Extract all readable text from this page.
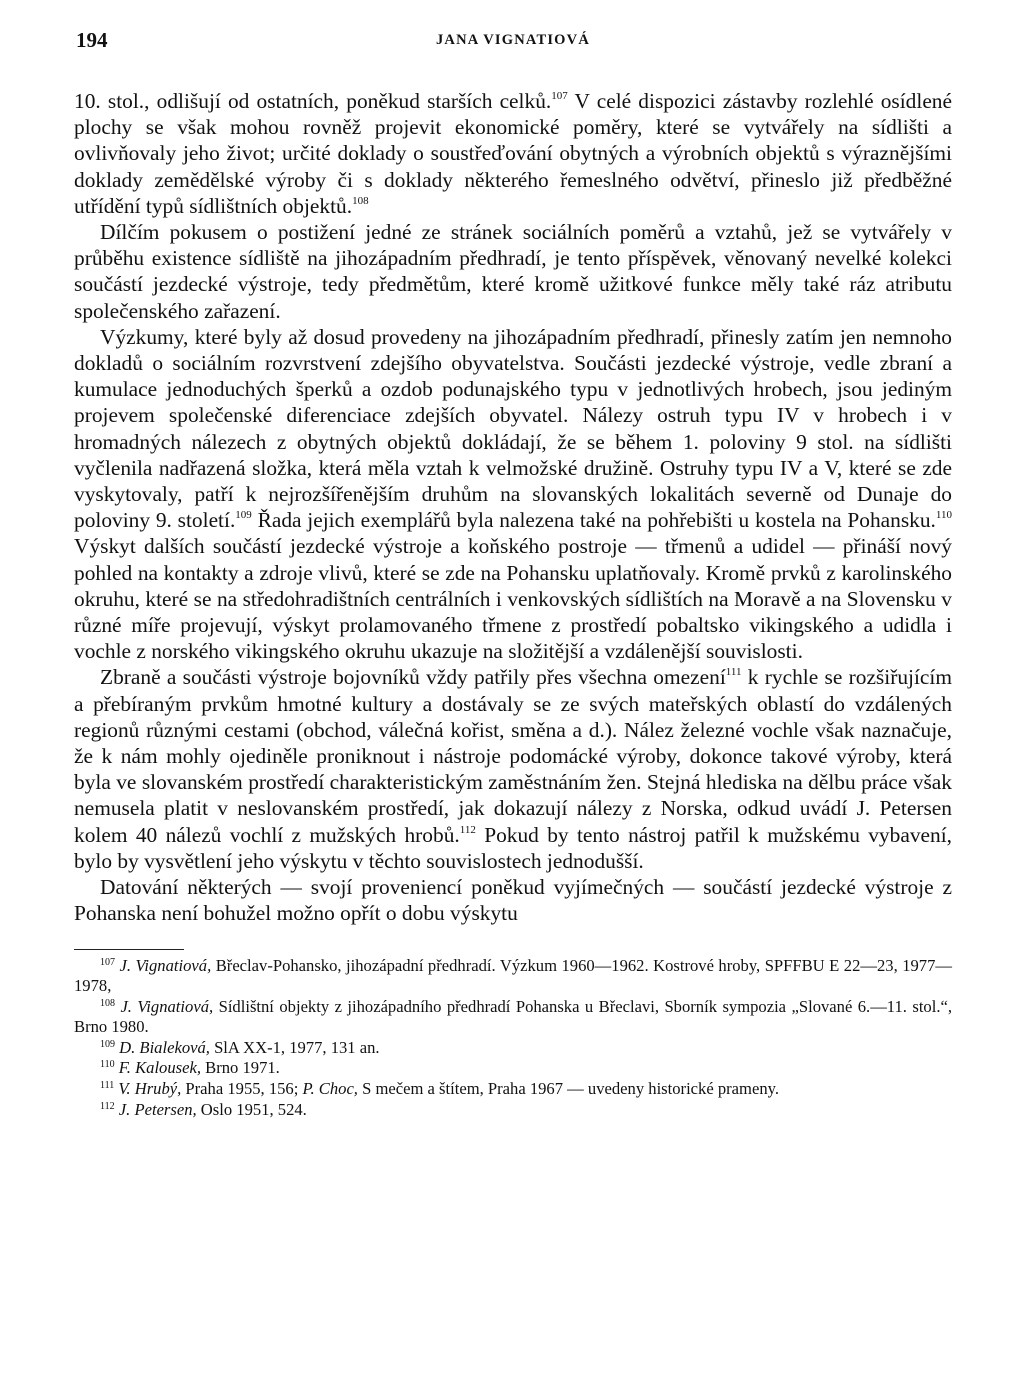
194	JANA VIGNATIOVÁ

10. stol., odlišují od ostatních, poněkud starších celků.$^{107}$ V celé dispozici zástavby rozlehlé osídlené plochy se však mohou rovněž projevit ekonomické poměry, které se vytvářely na sídlišti a ovlivňovaly jeho život; určité doklady o soustřeďování obytných a výrobních objektů s výraznějšími doklady zemědělské výroby či s doklady některého řemeslného odvětví, přineslo již předběžné utřídění typů sídlištních objektů.$^{108}$

Dílčím pokusem o postižení jedné ze stránek sociálních poměrů a vztahů, jež se vytvářely v průběhu existence sídliště na jihozápadním předhradí, je tento příspěvek, věnovaný nevelké kolekci součástí jezdecké výstroje, tedy předmětům, které kromě užitkové funkce měly také ráz atributu společenského zařazení.

Výzkumy, které byly až dosud provedeny na jihozápadním předhradí, přinesly zatím jen nemnoho dokladů o sociálním rozvrstvení zdejšího obyvatelstva. Součásti jezdecké výstroje, vedle zbraní a kumulace jednoduchých šperků a ozdob podunajského typu v jednotlivých hrobech, jsou jediným projevem společenské diferenciace zdejších obyvatel. Nálezy ostruh typu IV v hrobech i v hromadných nálezech z obytných objektů dokládají, že se během 1. poloviny 9 stol. na sídlišti vyčlenila nadřazená složka, která měla vztah k velmožské družině. Ostruhy typu IV a V, které se zde vyskytovaly, patří k nejrozšířenějším druhům na slovanských lokalitách severně od Dunaje do poloviny 9. století.$^{109}$ Řada jejich exemplářů byla nalezena také na pohřebišti u kostela na Pohansku.$^{110}$ Výskyt dalších součástí jezdecké výstroje a koňského postroje — třmenů a udidel — přináší nový pohled na kontakty a zdroje vlivů, které se zde na Pohansku uplatňovaly. Kromě prvků z karolinského okruhu, které se na středohradištních centrálních i venkovských sídlištích na Moravě a na Slovensku v různé míře projevují, výskyt prolamovaného třmene z prostředí pobaltsko vikingského a udidla i vochle z norského vikingského okruhu ukazuje na složitější a vzdálenější souvislosti.

Zbraně a součásti výstroje bojovníků vždy patřily přes všechna omezení$^{111}$ k rychle se rozšiřujícím a přebíraným prvkům hmotné kultury a dostávaly se ze svých mateřských oblastí do vzdálených regionů různými cestami (obchod, válečná kořist, směna a d.). Nález železné vochle však naznačuje, že k nám mohly ojediněle proniknout i nástroje podomácké výroby, dokonce takové výroby, která byla ve slovanském prostředí charakteristickým zaměstnáním žen. Stejná hlediska na dělbu práce však nemusela platit v neslovanském prostředí, jak dokazují nálezy z Norska, odkud uvádí J. Petersen kolem 40 nálezů vochlí z mužských hrobů.$^{112}$ Pokud by tento nástroj patřil k mužskému vybavení, bylo by vysvětlení jeho výskytu v těchto souvislostech jednodušší.

Datování některých — svojí proveniencí poněkud vyjímečných — součástí jezdecké výstroje z Pohanska není bohužel možno opřít o dobu výskytu

$^{107}$ J. Vignatiová, Břeclav-Pohansko, jihozápadní předhradí. Výzkum 1960—1962. Kostrové hroby, SPFFBU E 22—23, 1977—1978,

$^{108}$ J. Vignatiová, Sídlištní objekty z jihozápadního předhradí Pohanska u Břeclavi, Sborník sympozia „Slované 6.—11. stol.“, Brno 1980.

$^{109}$ D. Bialeková, SlA XX-1, 1977, 131 an.

$^{110}$ F. Kalousek, Brno 1971.

$^{111}$ V. Hrubý, Praha 1955, 156; P. Choc, S mečem a štítem, Praha 1967 — uvedeny historické prameny.

$^{112}$ J. Petersen, Oslo 1951, 524.
